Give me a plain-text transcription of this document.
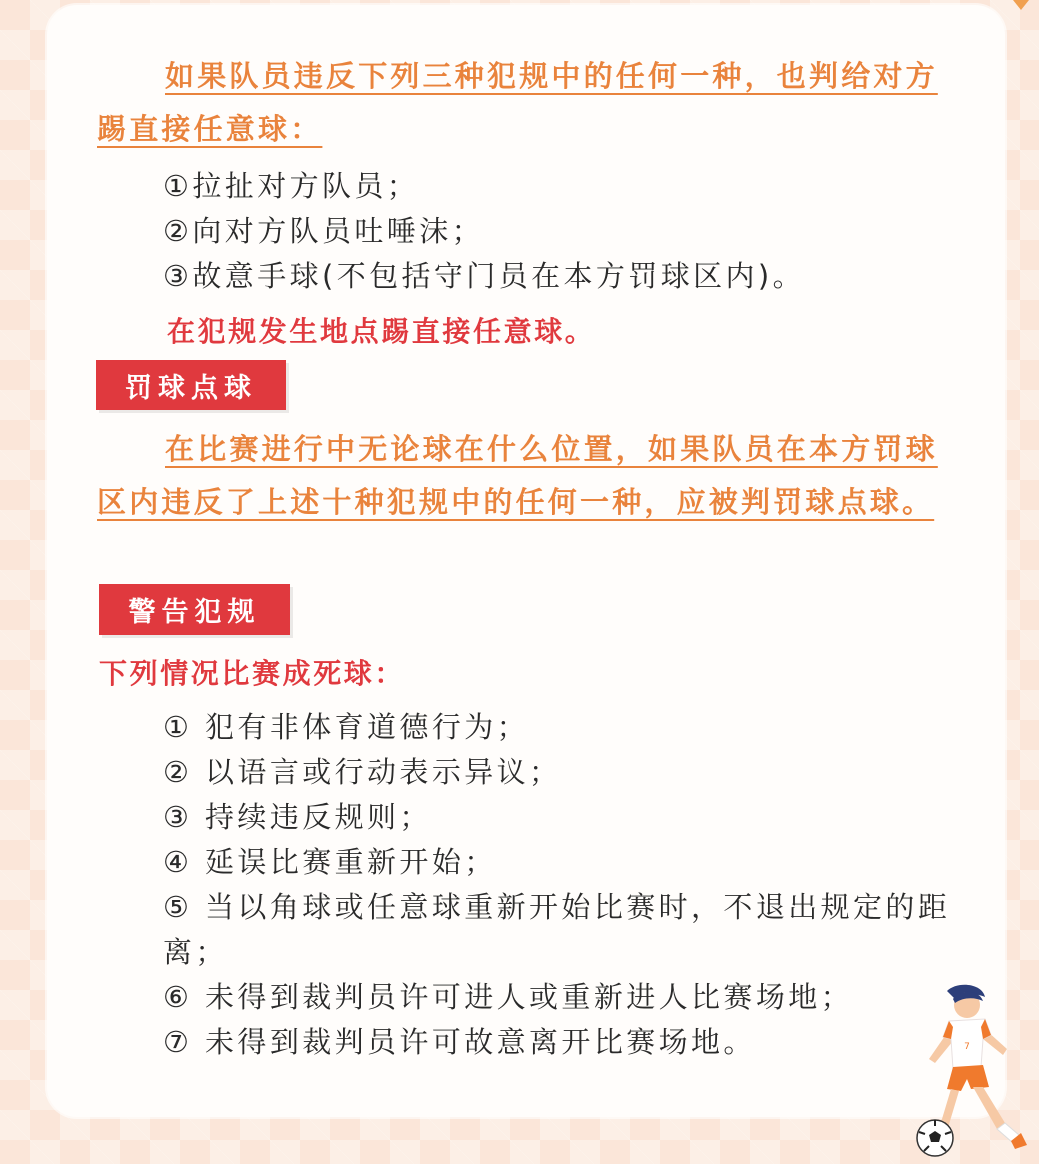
如果队员违反下列三种犯规中的任何一种，也判给对方踢直接任意球：

①拉扯对方队员；
②向对方队员吐唾沫；
③故意手球(不包括守门员在本方罚球区内)。
在犯规发生地点踢直接任意球。
罚球点球

在比赛进行中无论球在什么位置，如果队员在本方罚球区内违反了上述十种犯规中的任何一种，应被判罚球点球。

警告犯规
下列情况比赛成死球：
① 犯有非体育道德行为；
② 以语言或行动表示异议；
③ 持续违反规则；
④ 延误比赛重新开始；
⑤ 当以角球或任意球重新开始比赛时，不退出规定的距离；
⑥ 未得到裁判员许可进人或重新进人比赛场地；
⑦ 未得到裁判员许可故意离开比赛场地。	7
